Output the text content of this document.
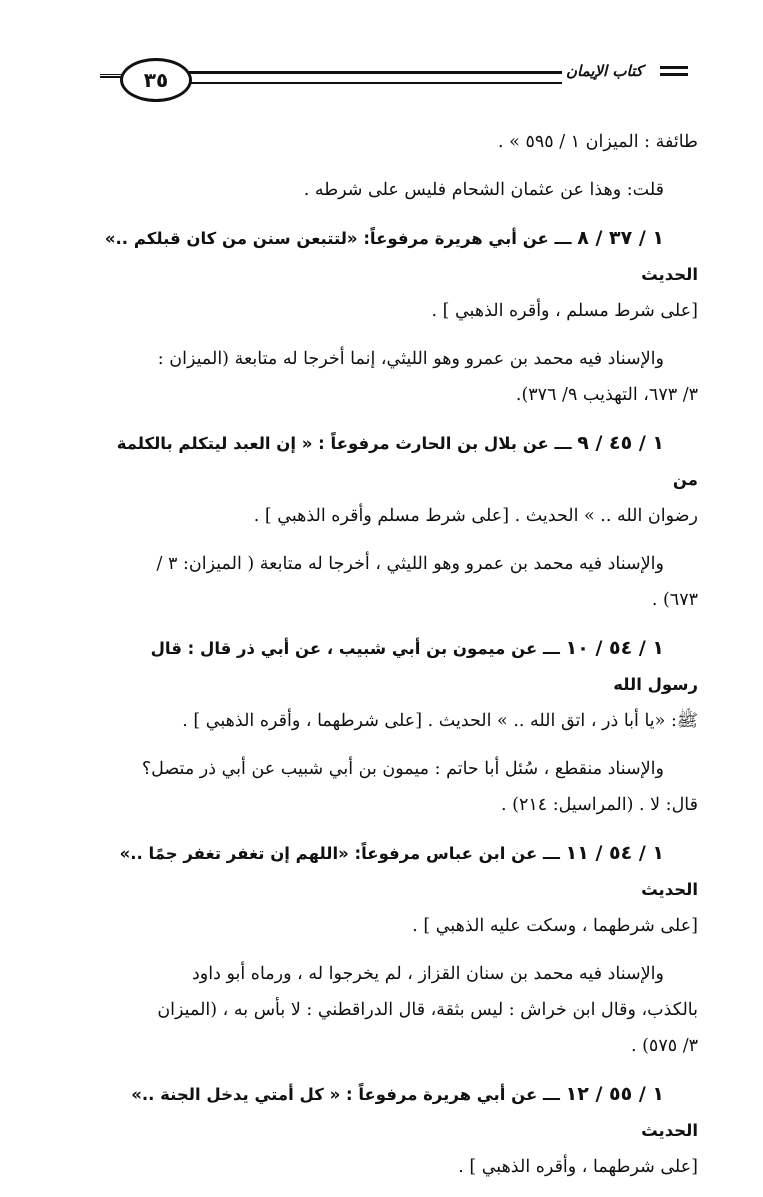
٣٥	كتاب الإيمان

طائفة : الميزان ١ / ٥٩٥ » .

قلت: وهذا عن عثمان الشحام فليس على شرطه .

١ / ٣٧ / ٨ ـــ عن أبي هريرة مرفوعاً: «لتتبعن سنن من كان قبلكم ..» الحديث
[على شرط مسلم ، وأقره الذهبي ] .

والإسناد فيه محمد بن عمرو وهو الليثي، إنما أخرجا له متابعة (الميزان :
٣/ ٦٧٣، التهذيب ٩/ ٣٧٦).

١ / ٤٥ / ٩ ـــ عن بلال بن الحارث مرفوعاً : « إن العبد ليتكلم بالكلمة من
رضوان الله .. » الحديث . [على شرط مسلم وأقره الذهبي ] .

والإسناد فيه محمد بن عمرو وهو الليثي ، أخرجا له متابعة ( الميزان: ٣ /
٦٧٣) .

١ / ٥٤ / ١٠ ـــ عن ميمون بن أبي شبيب ، عن أبي ذر قال : قال رسول الله
ﷺ: «يا أبا ذر ، اتق الله .. » الحديث . [على شرطهما ، وأقره الذهبي ] .

والإسناد منقطع ، سُئل أبا حاتم : ميمون بن أبي شبيب عن أبي ذر متصل؟
قال: لا . (المراسيل: ٢١٤) .

١ / ٥٤ / ١١ ـــ عن ابن عباس مرفوعاً: «اللهم إن تغفر تغفر جمًا ..» الحديث
[على شرطهما ، وسكت عليه الذهبي ] .

والإسناد فيه محمد بن سنان القزاز ، لم يخرجوا له ، ورماه أبو داود
بالكذب، وقال ابن خراش : ليس بثقة، قال الدراقطني : لا بأس به ، (الميزان
٣/ ٥٧٥) .

١ / ٥٥ / ١٢ ـــ عن أبي هريرة مرفوعاً : « كل أمتي يدخل الجنة ..» الحديث
[على شرطهما ، وأقره الذهبي ] .
